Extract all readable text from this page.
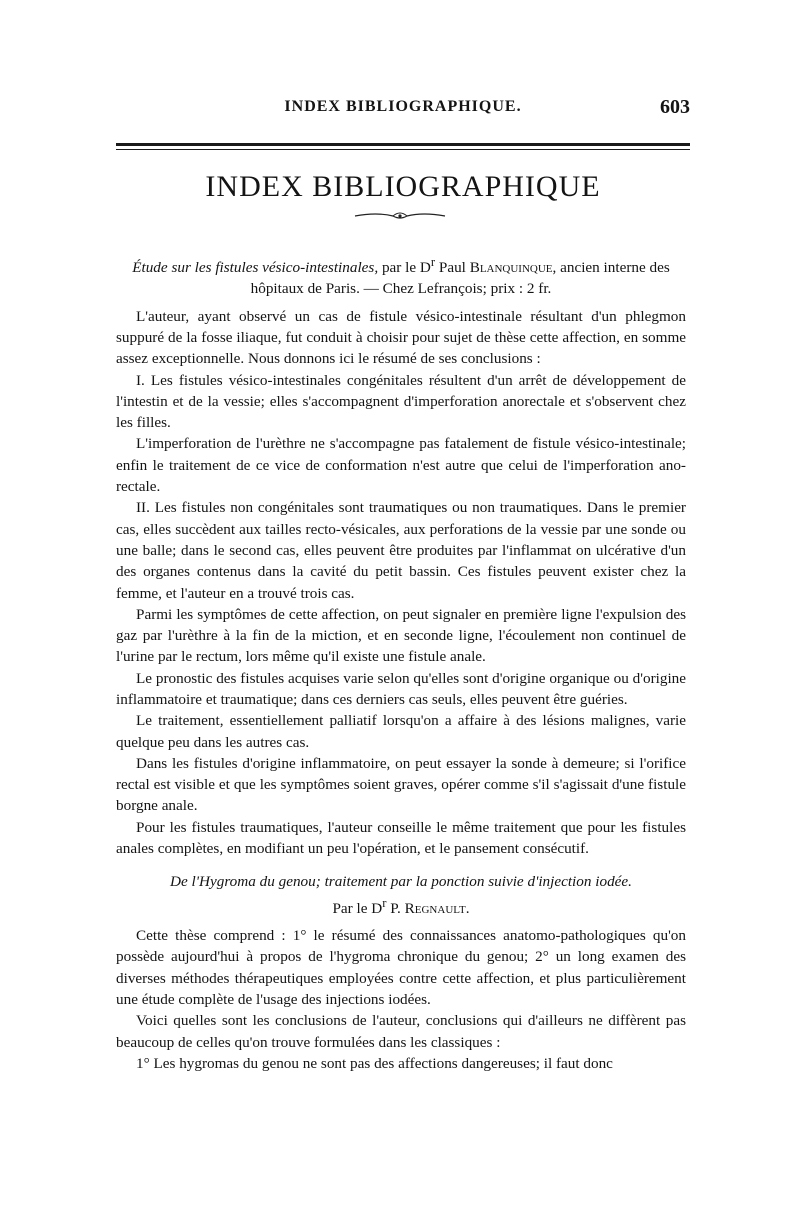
INDEX BIBLIOGRAPHIQUE.	603
INDEX BIBLIOGRAPHIQUE

Étude sur les fistules vésico-intestinales, par le $D^r$ Paul Blanquinque, ancien interne des hôpitaux de Paris. — Chez Lefrançois; prix : 2 fr.

L'auteur, ayant observé un cas de fistule vésico-intestinale résultant d'un phlegmon suppuré de la fosse iliaque, fut conduit à choisir pour sujet de thèse cette affection, en somme assez exceptionnelle. Nous donnons ici le résumé de ses conclusions :

I. Les fistules vésico-intestinales congénitales résultent d'un arrêt de développement de l'intestin et de la vessie; elles s'accompagnent d'imperforation anorectale et s'observent chez les filles.

L'imperforation de l'urèthre ne s'accompagne pas fatalement de fistule vésico-intestinale; enfin le traitement de ce vice de conformation n'est autre que celui de l'imperforation ano-rectale.

II. Les fistules non congénitales sont traumatiques ou non traumatiques. Dans le premier cas, elles succèdent aux tailles recto-vésicales, aux perforations de la vessie par une sonde ou une balle; dans le second cas, elles peuvent être produites par l'inflammat on ulcérative d'un des organes contenus dans la cavité du petit bassin. Ces fistules peuvent exister chez la femme, et l'auteur en a trouvé trois cas.

Parmi les symptômes de cette affection, on peut signaler en première ligne l'expulsion des gaz par l'urèthre à la fin de la miction, et en seconde ligne, l'écoulement non continuel de l'urine par le rectum, lors même qu'il existe une fistule anale.

Le pronostic des fistules acquises varie selon qu'elles sont d'origine organique ou d'origine inflammatoire et traumatique; dans ces derniers cas seuls, elles peuvent être guéries.

Le traitement, essentiellement palliatif lorsqu'on a affaire à des lésions malignes, varie quelque peu dans les autres cas.

Dans les fistules d'origine inflammatoire, on peut essayer la sonde à demeure; si l'orifice rectal est visible et que les symptômes soient graves, opérer comme s'il s'agissait d'une fistule borgne anale.

Pour les fistules traumatiques, l'auteur conseille le même traitement que pour les fistules anales complètes, en modifiant un peu l'opération, et le pansement consécutif.

De l'Hygroma du genou; traitement par la ponction suivie d'injection iodée.
Par le $D^r$ P. Regnault.

Cette thèse comprend : 1° le résumé des connaissances anatomo-pathologiques qu'on possède aujourd'hui à propos de l'hygroma chronique du genou; 2° un long examen des diverses méthodes thérapeutiques employées contre cette affection, et plus particulièrement une étude complète de l'usage des injections iodées.

Voici quelles sont les conclusions de l'auteur, conclusions qui d'ailleurs ne diffèrent pas beaucoup de celles qu'on trouve formulées dans les classiques :

1° Les hygromas du genou ne sont pas des affections dangereuses; il faut donc
